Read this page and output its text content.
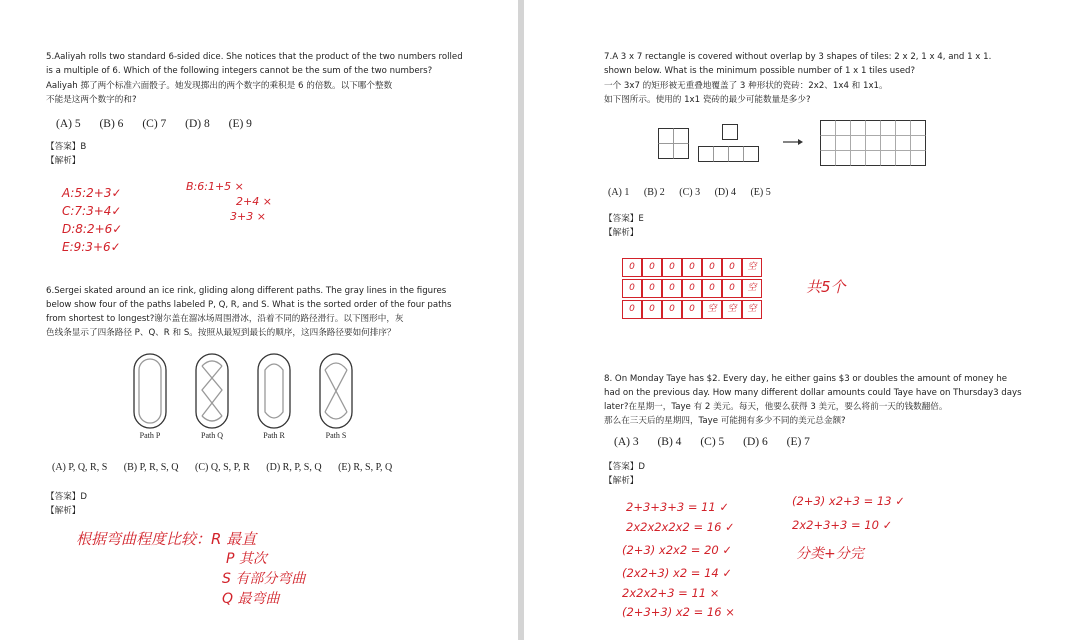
5.Aaliyah rolls two standard 6-sided dice. She notices that the product of the two numbers rolled
is a multiple of 6. Which of the following integers cannot be the sum of the two numbers?
Aaliyah 掷了两个标准六面骰子。她发现掷出的两个数字的乘积是 6 的倍数。以下哪个整数
不能是这两个数字的和?
(A) 5 (B) 6 (C) 7 (D) 8 (E) 9
【答案】B
【解析】
A:5:2+3✓
C:7:3+4✓
D:8:2+6✓
E:9:3+6✓
B:6:1+5 ×
2+4 ×
3+3 ×
6.Sergei skated around an ice rink, gliding along different paths. The gray lines in the figures
below show four of the paths labeled P, Q, R, and S. What is the sorted order of the four paths
from shortest to longest?谢尔盖在溜冰场周围滑冰，沿着不同的路径滑行。以下图形中，灰
色线条显示了四条路径 P、Q、R 和 S。按照从最短到最长的顺序，这四条路径要如何排序？
Path P	Path Q	Path R	Path S
(A) P, Q, R, S (B) P, R, S, Q (C) Q, S, P, R (D) R, P, S, Q (E) R, S, P, Q
【答案】D
【解析】
根据弯曲程度比较：R 最直
P 其次
S 有部分弯曲
Q 最弯曲
7.A 3 x 7 rectangle is covered without overlap by 3 shapes of tiles: 2 x 2, 1 x 4, and 1 x 1.
shown below. What is the minimum possible number of 1 x 1 tiles used?
一个 3x7 的矩形被无重叠地覆盖了 3 种形状的瓷砖：2x2、1x4 和 1x1。
如下图所示。使用的 1x1 瓷砖的最少可能数量是多少?
(A) 1 (B) 2 (C) 3 (D) 4 (E) 5
【答案】E
【解析】
0	0	0	0	0	0	空
0	0	0	0	0	0	空
0	0	0	0	空	空	空
共5个
8. On Monday Taye has $2. Every day, he either gains $3 or doubles the amount of money he
had on the previous day. How many different dollar amounts could Taye have on Thursday3 days
later?在星期一，Taye 有 2 美元。每天，他要么获得 3 美元，要么将前一天的钱数翻倍。
那么在三天后的星期四，Taye 可能拥有多少不同的美元总金额?
(A) 3 (B) 4 (C) 5 (D) 6 (E) 7
【答案】D
【解析】
2+3+3+3 = 11 ✓
2x2x2x2x2 = 16 ✓
(2+3) x2x2 = 20 ✓
(2x2+3) x2 = 14 ✓
2x2x2+3 = 11 ×
(2+3+3) x2 = 16 ×
(2+3) x2+3 = 13 ✓
2x2+3+3 = 10 ✓
分类+分完
